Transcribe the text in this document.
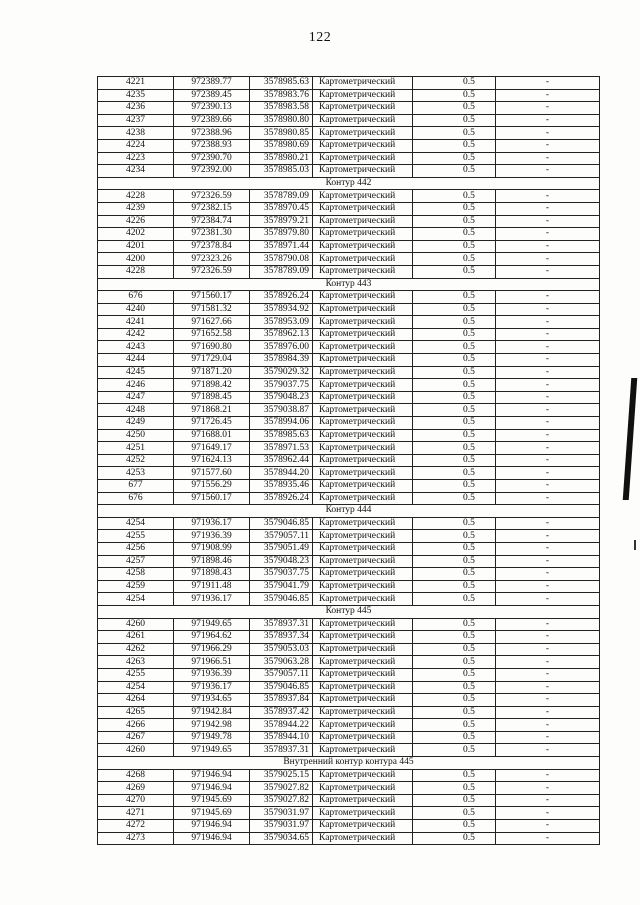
122
4221	972389.77	3578985.63	Картометрический	0.5	-
4235	972389.45	3578983.76	Картометрический	0.5	-
4236	972390.13	3578983.58	Картометрический	0.5	-
4237	972389.66	3578980.80	Картометрический	0.5	-
4238	972388.96	3578980.85	Картометрический	0.5	-
4224	972388.93	3578980.69	Картометрический	0.5	-
4223	972390.70	3578980.21	Картометрический	0.5	-
4234	972392.00	3578985.03	Картометрический	0.5	-
Контур 442					
4228	972326.59	3578789.09	Картометрический	0.5	-
4239	972382.15	3578970.45	Картометрический	0.5	-
4226	972384.74	3578979.21	Картометрический	0.5	-
4202	972381.30	3578979.80	Картометрический	0.5	-
4201	972378.84	3578971.44	Картометрический	0.5	-
4200	972323.26	3578790.08	Картометрический	0.5	-
4228	972326.59	3578789.09	Картометрический	0.5	-
Контур 443					
676	971560.17	3578926.24	Картометрический	0.5	-
4240	971581.32	3578934.92	Картометрический	0.5	-
4241	971627.66	3578953.09	Картометрический	0.5	-
4242	971652.58	3578962.13	Картометрический	0.5	-
4243	971690.80	3578976.00	Картометрический	0.5	-
4244	971729.04	3578984.39	Картометрический	0.5	-
4245	971871.20	3579029.32	Картометрический	0.5	-
4246	971898.42	3579037.75	Картометрический	0.5	-
4247	971898.45	3579048.23	Картометрический	0.5	-
4248	971868.21	3579038.87	Картометрический	0.5	-
4249	971726.45	3578994.06	Картометрический	0.5	-
4250	971688.01	3578985.63	Картометрический	0.5	-
4251	971649.17	3578971.53	Картометрический	0.5	-
4252	971624.13	3578962.44	Картометрический	0.5	-
4253	971577.60	3578944.20	Картометрический	0.5	-
677	971556.29	3578935.46	Картометрический	0.5	-
676	971560.17	3578926.24	Картометрический	0.5	-
Контур 444					
4254	971936.17	3579046.85	Картометрический	0.5	-
4255	971936.39	3579057.11	Картометрический	0.5	-
4256	971908.99	3579051.49	Картометрический	0.5	-
4257	971898.46	3579048.23	Картометрический	0.5	-
4258	971898.43	3579037.75	Картометрический	0.5	-
4259	971911.48	3579041.79	Картометрический	0.5	-
4254	971936.17	3579046.85	Картометрический	0.5	-
Контур 445					
4260	971949.65	3578937.31	Картометрический	0.5	-
4261	971964.62	3578937.34	Картометрический	0.5	-
4262	971966.29	3579053.03	Картометрический	0.5	-
4263	971966.51	3579063.28	Картометрический	0.5	-
4255	971936.39	3579057.11	Картометрический	0.5	-
4254	971936.17	3579046.85	Картометрический	0.5	-
4264	971934.65	3578937.84	Картометрический	0.5	-
4265	971942.84	3578937.42	Картометрический	0.5	-
4266	971942.98	3578944.22	Картометрический	0.5	-
4267	971949.78	3578944.10	Картометрический	0.5	-
4260	971949.65	3578937.31	Картометрический	0.5	-
Внутренний контур контура 445					
4268	971946.94	3579025.15	Картометрический	0.5	-
4269	971946.94	3579027.82	Картометрический	0.5	-
4270	971945.69	3579027.82	Картометрический	0.5	-
4271	971945.69	3579031.97	Картометрический	0.5	-
4272	971946.94	3579031.97	Картометрический	0.5	-
4273	971946.94	3579034.65	Картометрический	0.5	-
